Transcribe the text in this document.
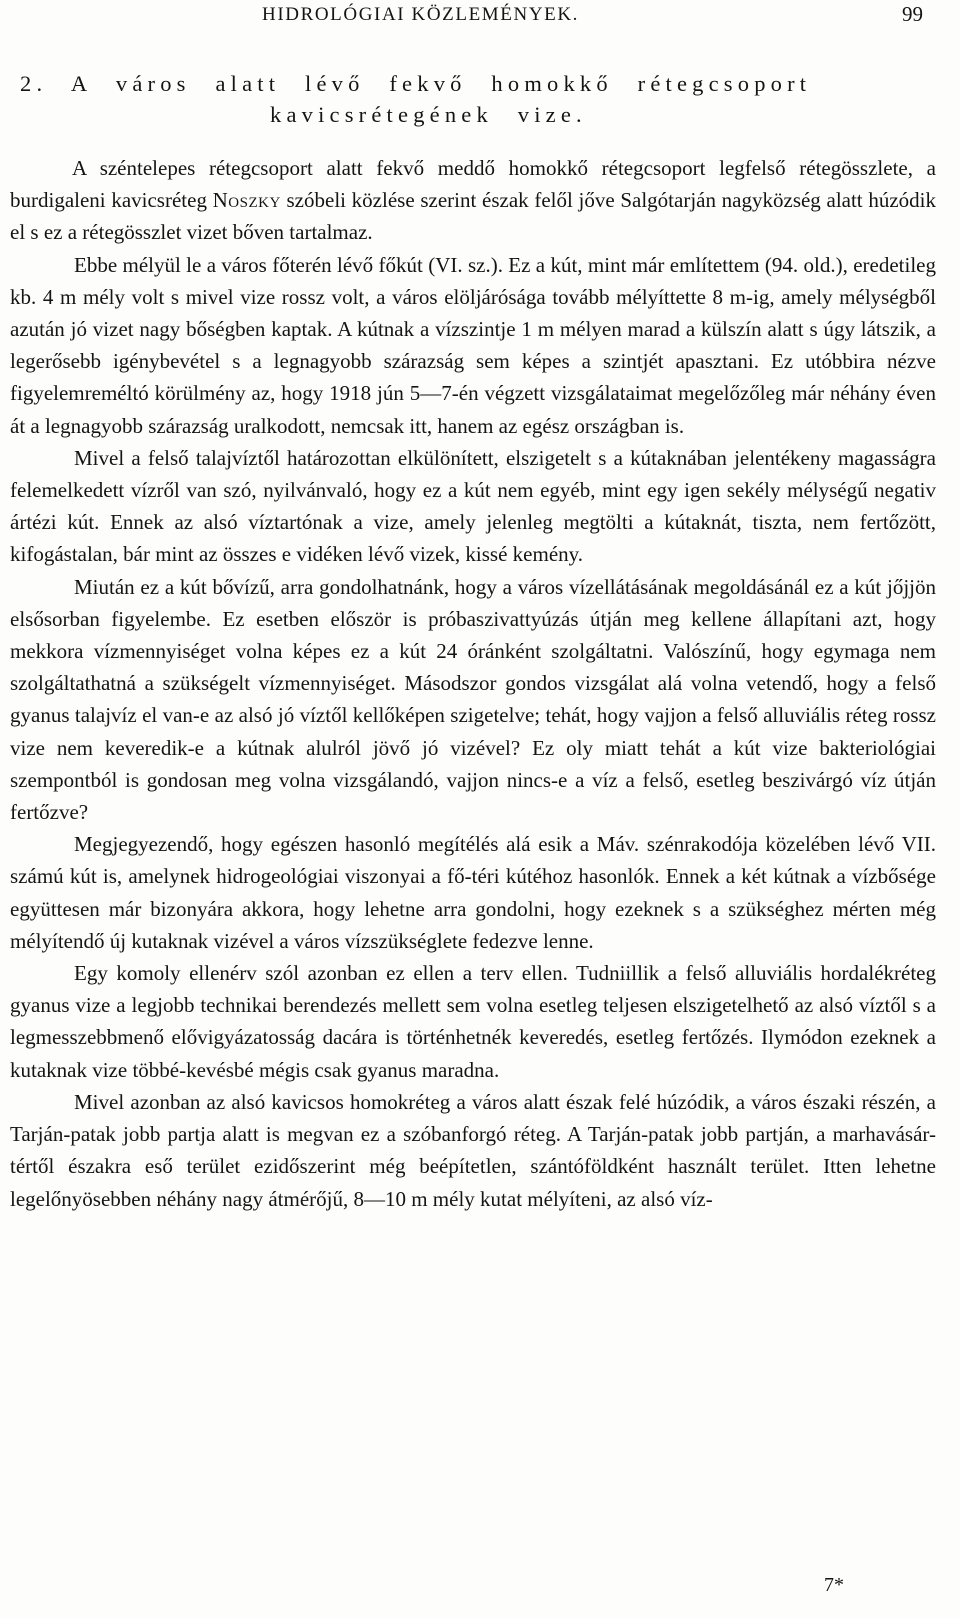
HIDROLÓGIAI KÖZLEMÉNYEK.	99
2. A város alatt lévő fekvő homokkő rétegcsoport
kavicsrétegének vize.

A széntelepes rétegcsoport alatt fekvő meddő homokkő rétegcsoport legfelső rétegösszlete, a burdigaleni kavicsréteg Noszky szóbeli közlése szerint észak felől jőve Salgótarján nagyközség alatt húzódik el s ez a rétegösszlet vizet bőven tartalmaz.

Ebbe mélyül le a város főterén lévő főkút (VI. sz.). Ez a kút, mint már említettem (94. old.), eredetileg kb. 4 m mély volt s mivel vize rossz volt, a város elöljárósága tovább mélyíttette 8 m-ig, amely mélységből azután jó vizet nagy bőségben kaptak. A kútnak a vízszintje 1 m mélyen marad a külszín alatt s úgy látszik, a legerősebb igénybevétel s a legnagyobb szárazság sem képes a szintjét apasztani. Ez utóbbira nézve figyelemreméltó körülmény az, hogy 1918 jún 5—7-én végzett vizsgálataimat megelőzőleg már néhány éven át a legnagyobb szárazság uralkodott, nemcsak itt, hanem az egész országban is.

Mivel a felső talajvíztől határozottan elkülönített, elszigetelt s a kútaknában jelentékeny magasságra felemelkedett vízről van szó, nyilvánvaló, hogy ez a kút nem egyéb, mint egy igen sekély mélységű negativ ártézi kút. Ennek az alsó víztartónak a vize, amely jelenleg megtölti a kútaknát, tiszta, nem fertőzött, kifogástalan, bár mint az összes e vidéken lévő vizek, kissé kemény.

Miután ez a kút bővízű, arra gondolhatnánk, hogy a város vízellátásának megoldásánál ez a kút jőjjön elsősorban figyelembe. Ez esetben először is próbaszivattyúzás útján meg kellene állapítani azt, hogy mekkora vízmennyiséget volna képes ez a kút 24 óránként szolgáltatni. Valószínű, hogy egymaga nem szolgáltathatná a szükségelt vízmennyiséget. Másodszor gondos vizsgálat alá volna vetendő, hogy a felső gyanus talajvíz el van-e az alsó jó víztől kellőképen szigetelve; tehát, hogy vajjon a felső alluviális réteg rossz vize nem keveredik-e a kútnak alulról jövő jó vizével? Ez oly miatt tehát a kút vize bakteriológiai szempontból is gondosan meg volna vizsgálandó, vajjon nincs-e a víz a felső, esetleg beszivárgó víz útján fertőzve?

Megjegyezendő, hogy egészen hasonló megítélés alá esik a Máv. szénrakodója közelében lévő VII. számú kút is, amelynek hidrogeológiai viszonyai a fő-téri kútéhoz hasonlók. Ennek a két kútnak a vízbősége együttesen már bizonyára akkora, hogy lehetne arra gondolni, hogy ezeknek s a szükséghez mérten még mélyítendő új kutaknak vizével a város vízszükséglete fedezve lenne.

Egy komoly ellenérv szól azonban ez ellen a terv ellen. Tudniillik a felső alluviális hordalékréteg gyanus vize a legjobb technikai berendezés mellett sem volna esetleg teljesen elszigetelhető az alsó víztől s a legmesszebbmenő elővigyázatosság dacára is történhetnék keveredés, esetleg fertőzés. Ilymódon ezeknek a kutaknak vize többé-kevésbé mégis csak gyanus maradna.

Mivel azonban az alsó kavicsos homokréteg a város alatt észak felé húzódik, a város északi részén, a Tarján-patak jobb partja alatt is megvan ez a szóbanforgó réteg. A Tarján-patak jobb partján, a marhavásár-tértől északra eső terület ezidőszerint még beépítetlen, szántóföldként használt terület. Itten lehetne legelőnyösebben néhány nagy átmérőjű, 8—10 m mély kutat mélyíteni, az alsó víz-

7*
